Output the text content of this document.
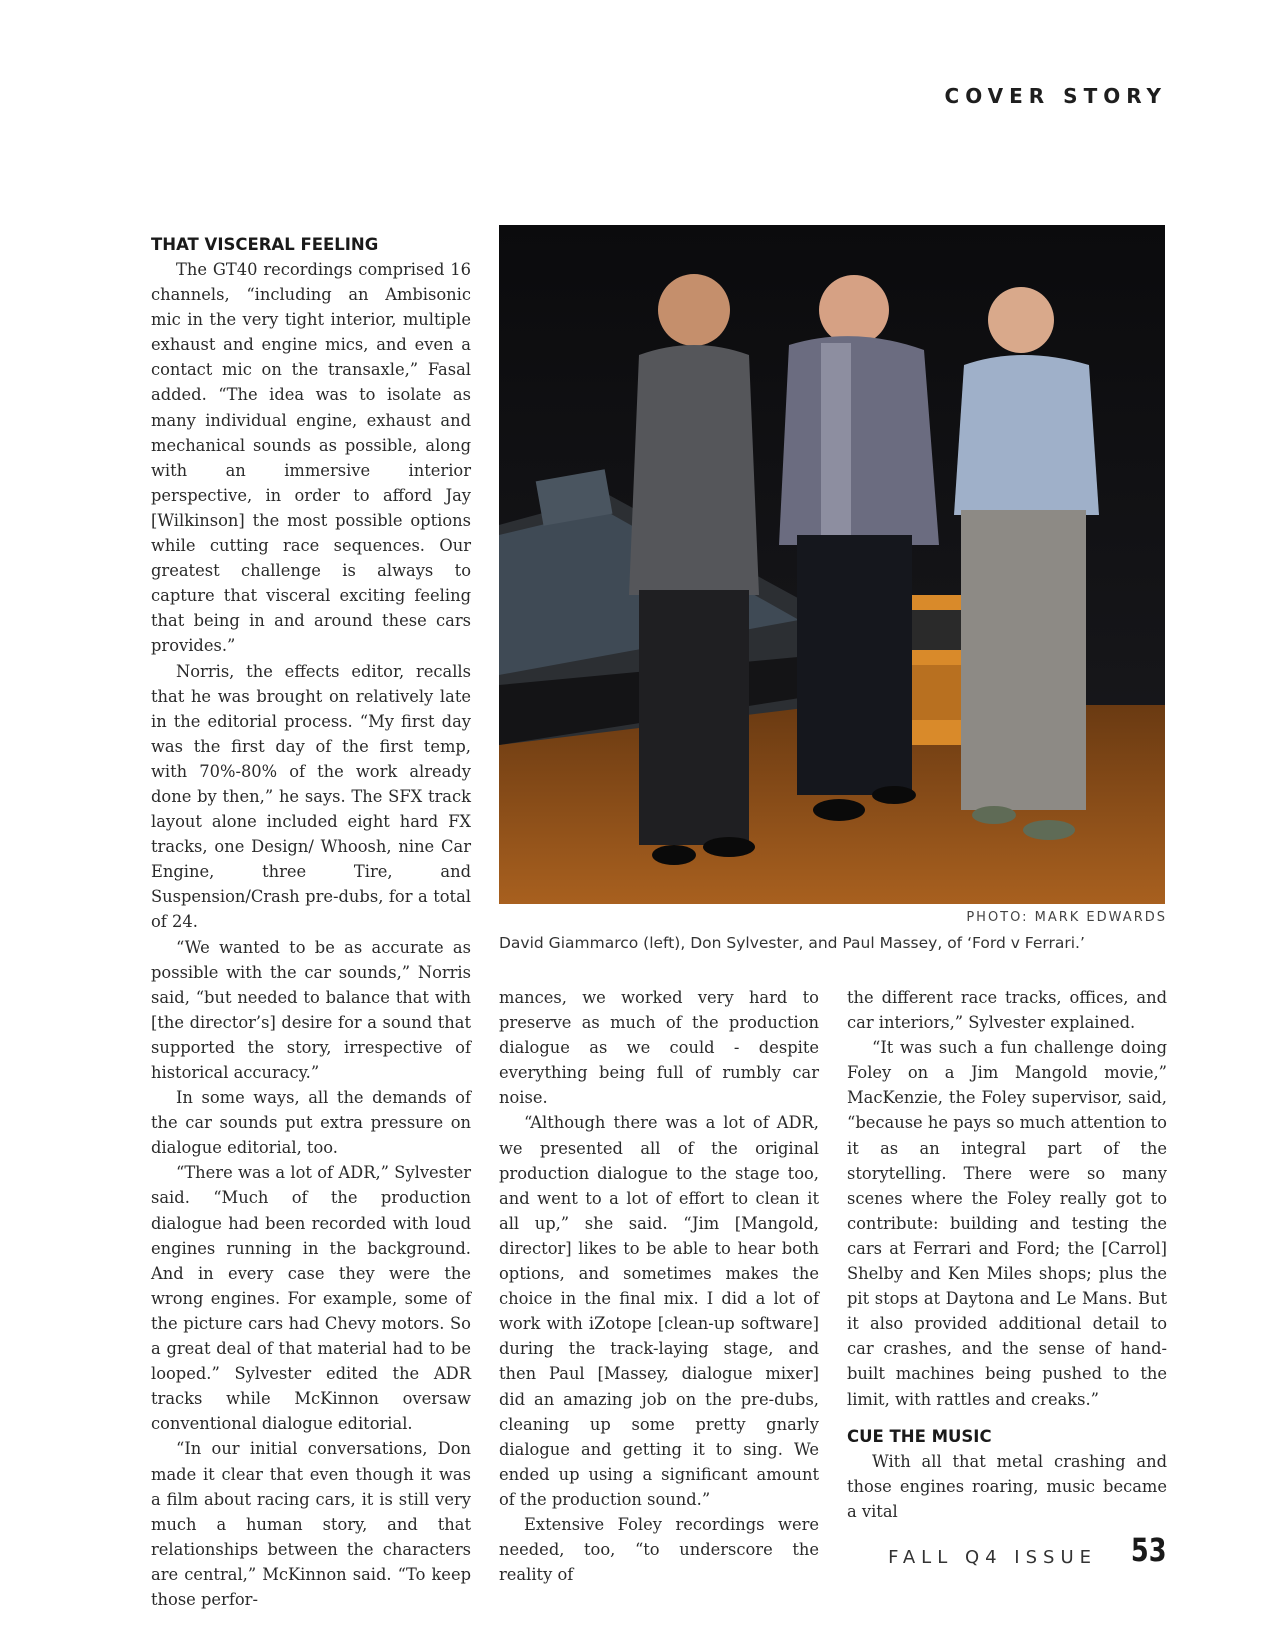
COVER STORY
THAT VISCERAL FEELING

The GT40 recordings comprised 16 channels, “including an Ambisonic mic in the very tight interior, multiple exhaust and engine mics, and even a contact mic on the transaxle,” Fasal added. “The idea was to isolate as many individual engine, exhaust and mechanical sounds as possible, along with an immersive interior perspective, in order to afford Jay [Wilkinson] the most possible options while cutting race sequences. Our greatest challenge is always to capture that visceral exciting feeling that being in and around these cars provides.”

Norris, the effects editor, recalls that he was brought on relatively late in the editorial process. “My first day was the first day of the first temp, with 70%-80% of the work already done by then,” he says. The SFX track layout alone included eight hard FX tracks, one Design/ Whoosh, nine Car Engine, three Tire, and Suspension/Crash pre-dubs, for a total of 24.

“We wanted to be as accurate as possible with the car sounds,” Norris said, “but needed to balance that with [the director’s] desire for a sound that supported the story, irrespective of historical accuracy.”

In some ways, all the demands of the car sounds put extra pressure on dialogue editorial, too.

“There was a lot of ADR,” Sylvester said. “Much of the production dialogue had been recorded with loud engines running in the background. And in every case they were the wrong engines. For example, some of the picture cars had Chevy motors. So a great deal of that material had to be looped.” Sylvester edited the ADR tracks while McKinnon oversaw conventional dialogue editorial.

“In our initial conversations, Don made it clear that even though it was a film about racing cars, it is still very much a human story, and that relationships between the characters are central,” McKinnon said. “To keep those perfor-

PHOTO: MARK EDWARDS
David Giammarco (left), Don Sylvester, and Paul Massey, of ‘Ford v Ferrari.’

mances, we worked very hard to preserve as much of the production dialogue as we could - despite everything being full of rumbly car noise.

“Although there was a lot of ADR, we presented all of the original production dialogue to the stage too, and went to a lot of effort to clean it all up,” she said. “Jim [Mangold, director] likes to be able to hear both options, and sometimes makes the choice in the final mix. I did a lot of work with iZotope [clean-up software] during the track-laying stage, and then Paul [Massey, dialogue mixer] did an amazing job on the pre-dubs, cleaning up some pretty gnarly dialogue and getting it to sing. We ended up using a significant amount of the production sound.”

Extensive Foley recordings were needed, too, “to underscore the reality of

the different race tracks, offices, and car interiors,” Sylvester explained.

“It was such a fun challenge doing Foley on a Jim Mangold movie,” MacKenzie, the Foley supervisor, said, “because he pays so much attention to it as an integral part of the storytelling. There were so many scenes where the Foley really got to contribute: building and testing the cars at Ferrari and Ford; the [Carrol] Shelby and Ken Miles shops; plus the pit stops at Daytona and Le Mans. But it also provided additional detail to car crashes, and the sense of hand-built machines being pushed to the limit, with rattles and creaks.”

CUE THE MUSIC

With all that metal crashing and those engines roaring, music became a vital

FALL Q4 ISSUE 53
